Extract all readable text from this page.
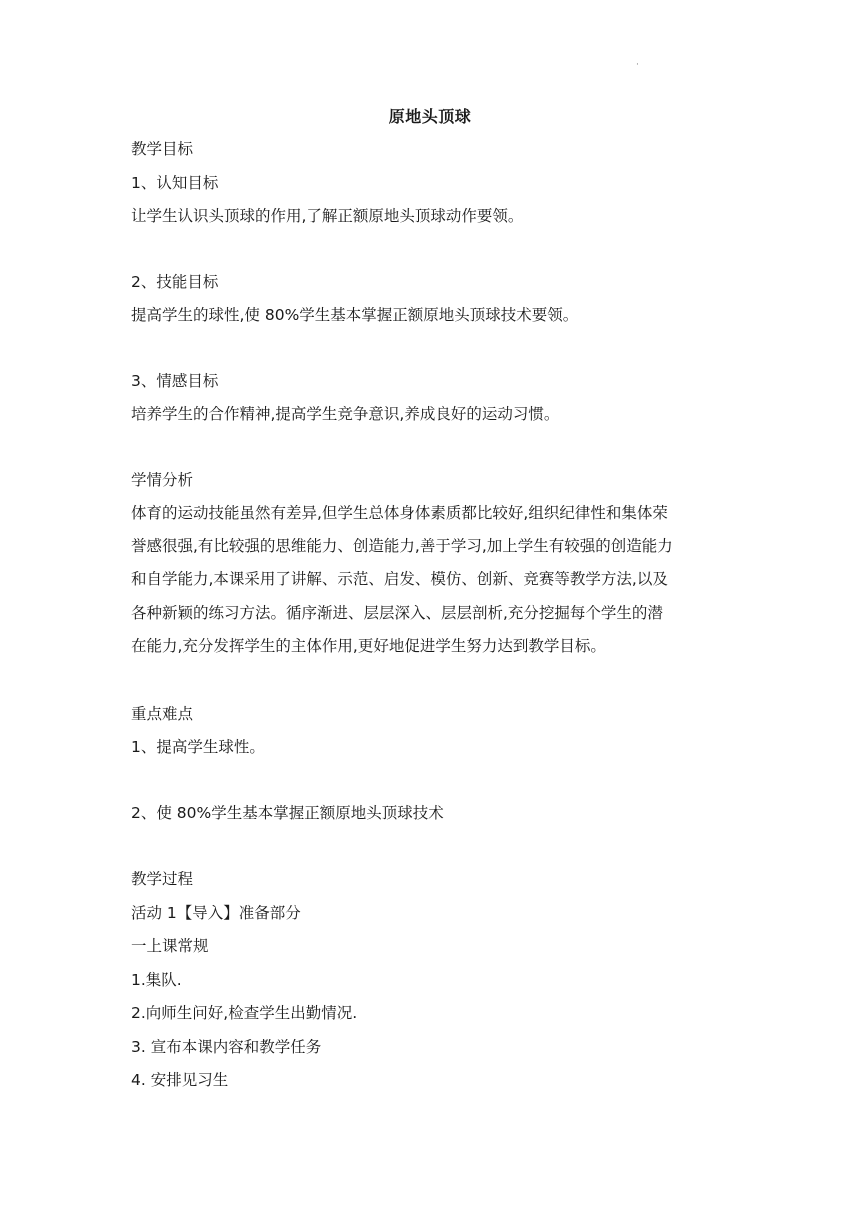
·
原地头顶球
教学目标
1、认知目标
让学生认识头顶球的作用,了解正额原地头顶球动作要领。
2、技能目标
提高学生的球性,使 80%学生基本掌握正额原地头顶球技术要领。
3、情感目标
培养学生的合作精神,提高学生竞争意识,养成良好的运动习惯。
学情分析
体育的运动技能虽然有差异,但学生总体身体素质都比较好,组织纪律性和集体荣
誉感很强,有比较强的思维能力、创造能力,善于学习,加上学生有较强的创造能力
和自学能力,本课采用了讲解、示范、启发、模仿、创新、竞赛等教学方法,以及
各种新颖的练习方法。循序渐进、层层深入、层层剖析,充分挖掘每个学生的潜
在能力,充分发挥学生的主体作用,更好地促进学生努力达到教学目标。
重点难点
1、提高学生球性。
2、使 80%学生基本掌握正额原地头顶球技术
教学过程
活动 1【导入】准备部分
一上课常规
1.集队.
2.向师生问好,检查学生出勤情况.
3. 宣布本课内容和教学任务
4. 安排见习生
